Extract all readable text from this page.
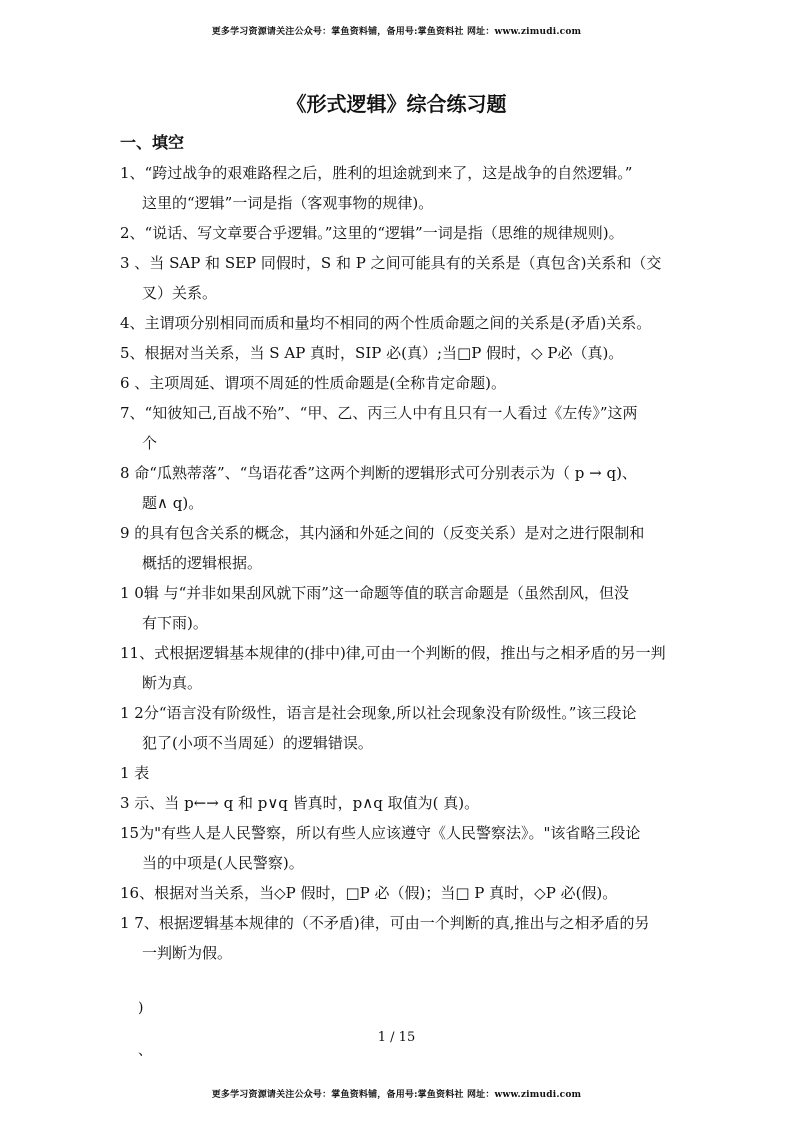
更多学习资源请关注公众号：掌鱼资料铺，备用号:掌鱼资料社 网址：www.zimudi.com
《形式逻辑》综合练习题
一、填空

1、“跨过战争的艰难路程之后，胜利的坦途就到来了，这是战争的自然逻辑。”
这里的“逻辑”一词是指（客观事物的规律)。

2、“说话、写文章要合乎逻辑。”这里的“逻辑”一词是指（思维的规律规则)。

3 、当 SAP 和 SEP 同假时，S 和 P 之间可能具有的关系是（真包含)关系和（交
叉）关系。

4、主谓项分别相同而质和量均不相同的两个性质命题之间的关系是(矛盾)关系。

5、根据对当关系，当 S AP 真时，SIP 必(真）;当□P 假时，◇ P必（真)。

6 、主项周延、谓项不周延的性质命题是(全称肯定命题)。

7、“知彼知己,百战不殆”、“甲、乙、丙三人中有且只有一人看过《左传》”这两
个

8 命“瓜熟蒂落”、“鸟语花香”这两个判断的逻辑形式可分别表示为（ p → q)、
题∧ q)。

9 的具有包含关系的概念，其内涵和外延之间的（反变关系）是对之进行限制和
概括的逻辑根据。

1 0辑 与“并非如果刮风就下雨”这一命题等值的联言命题是（虽然刮风，但没
有下雨)。

11、式根据逻辑基本规律的(排中)律,可由一个判断的假，推出与之相矛盾的另一判
断为真。

1 2分“语言没有阶级性，语言是社会现象,所以社会现象没有阶级性。”该三段论
犯了(小项不当周延）的逻辑错误。

1 表

3 示、当 p←→ q 和 p∨q 皆真时，p∧q 取值为( 真)。

15为"有些人是人民警察，所以有些人应该遵守《人民警察法》。"该省略三段论
当的中项是(人民警察)。

16、根据对当关系，当◇P 假时，□P 必（假)；当□ P 真时，◇P 必(假)。

1 7、根据逻辑基本规律的（不矛盾)律，可由一个判断的真,推出与之相矛盾的另
一判断为假。

)
、
1 / 15
更多学习资源请关注公众号：掌鱼资料铺，备用号:掌鱼资料社 网址：www.zimudi.com
